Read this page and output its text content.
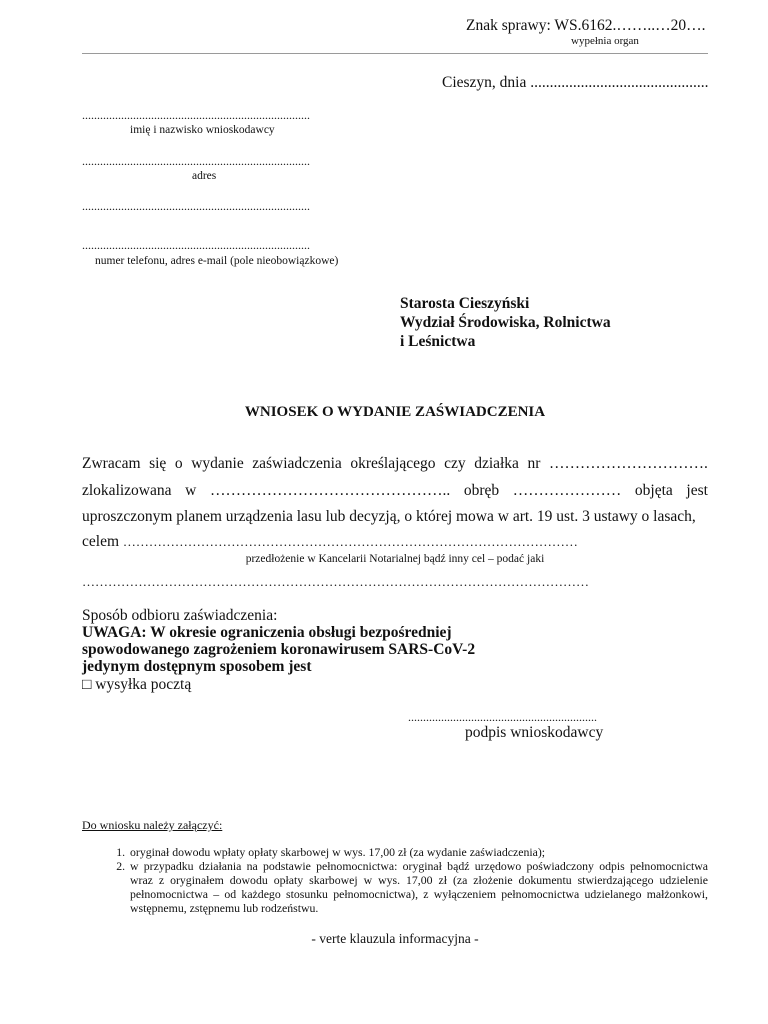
Znak sprawy: WS.6162.……..…20….
wypełnia organ
Cieszyn, dnia ..............................................
............................................................................
imię i nazwisko wnioskodawcy
............................................................................
adres
............................................................................
............................................................................
numer telefonu, adres e-mail (pole nieobowiązkowe)
Starosta Cieszyński
Wydział Środowiska, Rolnictwa
i Leśnictwa
WNIOSEK O WYDANIE ZAŚWIADCZENIA
Zwracam się o wydanie zaświadczenia określającego czy działka nr ………………………….
zlokalizowana w ……………………………………….. obręb ………………… objęta jest
uproszczonym planem urządzenia lasu lub decyzją, o której mowa w art. 19 ust. 3 ustawy o lasach,
celem ……………………………………………………………………………………………
przedłożenie w Kancelarii Notarialnej bądź inny cel – podać jaki
………………………………………………………………………………………………………
Sposób odbioru zaświadczenia:
UWAGA: W okresie ograniczenia obsługi bezpośredniej
spowodowanego zagrożeniem koronawirusem SARS-CoV-2
jedynym dostępnym sposobem jest
□ wysyłka pocztą
...............................................................
podpis wnioskodawcy
Do wniosku należy załączyć:
1. oryginał dowodu wpłaty opłaty skarbowej w wys. 17,00 zł (za wydanie zaświadczenia);
2. w przypadku działania na podstawie pełnomocnictwa: oryginał bądź urzędowo poświadczony odpis pełnomocnictwa wraz z oryginałem dowodu opłaty skarbowej w wys. 17,00 zł (za złożenie dokumentu stwierdzającego udzielenie pełnomocnictwa – od każdego stosunku pełnomocnictwa), z wyłączeniem pełnomocnictwa udzielanego małżonkowi, wstępnemu, zstępnemu lub rodzeństwu.
- verte klauzula informacyjna -
